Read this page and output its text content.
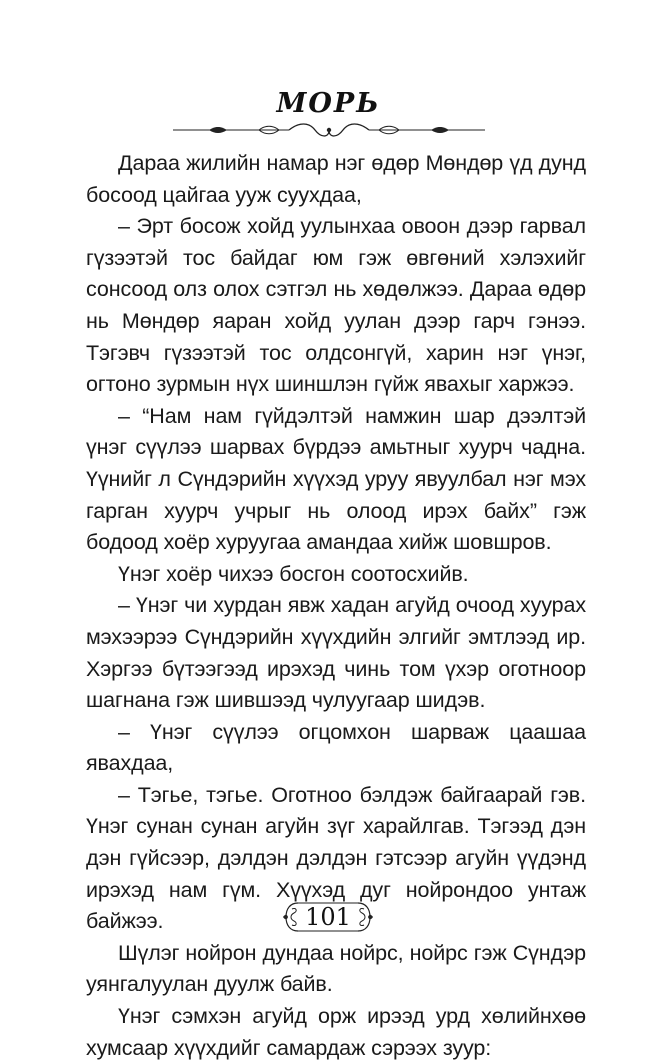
МОРЬ

Дараа жилийн намар нэг өдөр Мөндөр үд дунд босоод цайгаа ууж суухдаа,

– Эрт босож хойд уулынхаа овоон дээр гарвал гүзээтэй тос байдаг юм гэж өвгөний хэлэхийг сонсоод олз олох сэтгэл нь хөдөлжээ. Дараа өдөр нь Мөндөр яаран хойд уулан дээр гарч гэнээ. Тэгэвч гүзээтэй тос олдсонгүй, харин нэг үнэг, огтоно зурмын нүх шиншлэн гүйж явахыг харжээ.

– “Нам нам гүйдэлтэй намжин шар дээлтэй үнэг сүүлээ шарвах бүрдээ амьтныг хуурч чадна. Үүнийг л Сүндэрийн хүүхэд уруу явуулбал нэг мэх гарган хуурч учрыг нь олоод ирэх байх” гэж бодоод хоёр хуруугаа амандаа хийж шовшров.

Үнэг хоёр чихээ босгон соотосхийв.

– Үнэг чи хурдан явж хадан агуйд очоод хуурах мэхээрээ Сүндэрийн хүүхдийн элгийг эмтлээд ир. Хэргээ бүтээгээд ирэхэд чинь том үхэр оготноор шагнана гэж шившээд чулуугаар шидэв.

– Үнэг сүүлээ огцомхон шарваж цаашаа явахдаа,

– Тэгье, тэгье. Оготноо бэлдэж байгаарай гэв. Үнэг сунан сунан агуйн зүг харайлгав. Тэгээд дэн дэн гүйсээр, дэлдэн дэлдэн гэтсээр агуйн үүдэнд ирэхэд нам гүм. Хүүхэд дуг нойрондоо унтаж байжээ.

Шүлэг нойрон дундаа нойрс, нойрс гэж Сүндэр уянгалуулан дуулж байв.

Үнэг сэмхэн агуйд орж ирээд урд хөлийнхөө хумсаар хүүхдийг самардаж сэрээх зуур:

101
